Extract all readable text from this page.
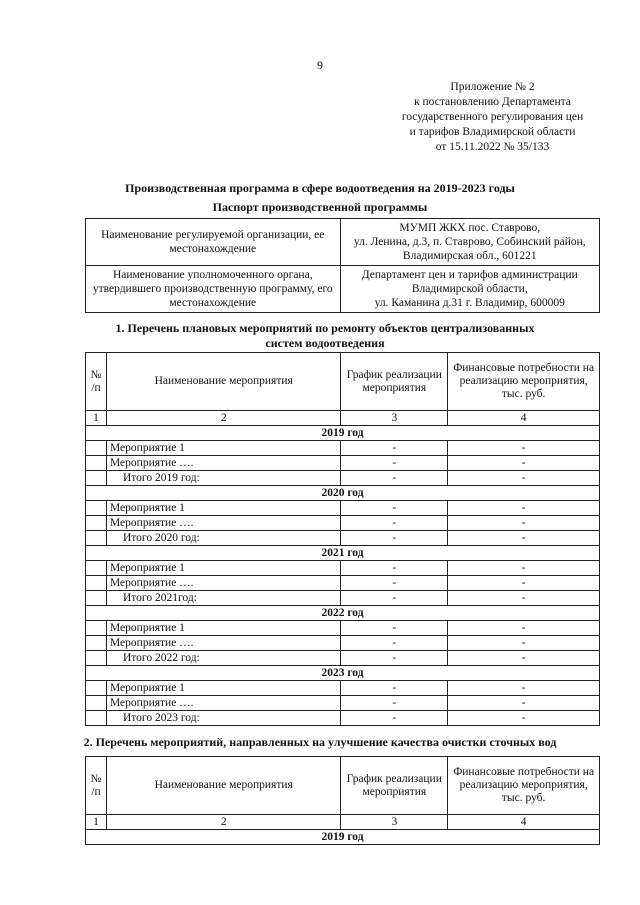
9
Приложение № 2
к постановлению Департамента
государственного регулирования цен
и тарифов Владимирской области
от 15.11.2022 № 35/133
Производственная программа в сфере водоотведения на 2019-2023 годы
Паспорт производственной программы
Наименование регулируемой организации, ее местонахождение	МУМП ЖКХ пос. Ставрово,
ул. Ленина, д.3, п. Ставрово, Собинский район,
Владимирская обл., 601221

Наименование уполномоченного органа, утвердившего производственную программу, его местонахождение	Департамент цен и тарифов администрации
Владимирской области,
ул. Каманина д.31 г. Владимир, 600009
1. Перечень плановых мероприятий по ремонту объектов централизованных систем водоотведения
№ /п	Наименование мероприятия	График реализации мероприятия	Финансовые потребности на реализацию мероприятия, тыс. руб.
1	2	3	4
2019 год			
	Мероприятие 1	-	-
	Мероприятие ….	-	-
	Итого 2019 год:	-	-
2020 год			
	Мероприятие 1	-	-
	Мероприятие ….	-	-
	Итого 2020 год:	-	-
2021 год			
	Мероприятие 1	-	-
	Мероприятие ….	-	-
	Итого 2021год:	-	-
2022 год			
	Мероприятие 1	-	-
	Мероприятие ….	-	-
	Итого 2022 год:	-	-
2023 год			
	Мероприятие 1	-	-
	Мероприятие ….	-	-
	Итого 2023 год:	-	-
2. Перечень мероприятий, направленных на улучшение качества очистки сточных вод
№ /п	Наименование мероприятия	График реализации мероприятия	Финансовые потребности на реализацию мероприятия, тыс. руб.
1	2	3	4
2019 год			
